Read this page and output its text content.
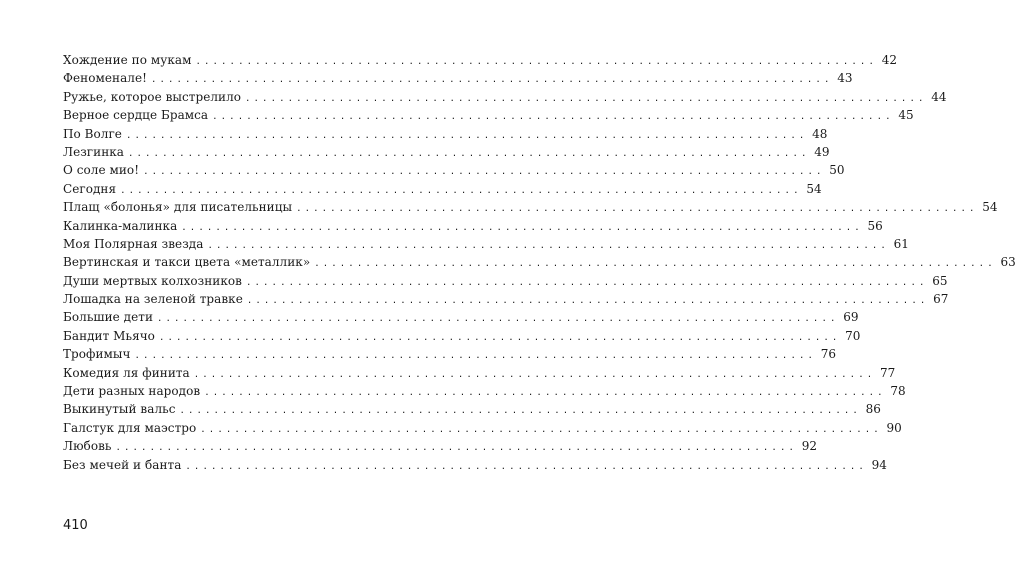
Хождение по мукам ................................................................................ 42
Феноменале! ................................................................................ 43
Ружье, которое выстрелило ................................................................................ 44
Верное сердце Брамса ................................................................................ 45
По Волге ................................................................................ 48
Лезгинка ................................................................................ 49
О соле мио! ................................................................................ 50
Сегодня ................................................................................ 54
Плащ «болонья» для писательницы ................................................................................ 54
Калинка-малинка ................................................................................ 56
Моя Полярная звезда ................................................................................ 61
Вертинская и такси цвета «металлик» ................................................................................ 63
Души мертвых колхозников ................................................................................ 65
Лошадка на зеленой травке ................................................................................ 67
Большие дети ................................................................................ 69
Бандит Мьячо ................................................................................ 70
Трофимыч ................................................................................ 76
Комедия ля финита ................................................................................ 77
Дети разных народов ................................................................................ 78
Выкинутый вальс ................................................................................ 86
Галстук для маэстро ................................................................................ 90
Любовь ................................................................................ 92
Без мечей и банта ................................................................................ 94
410
